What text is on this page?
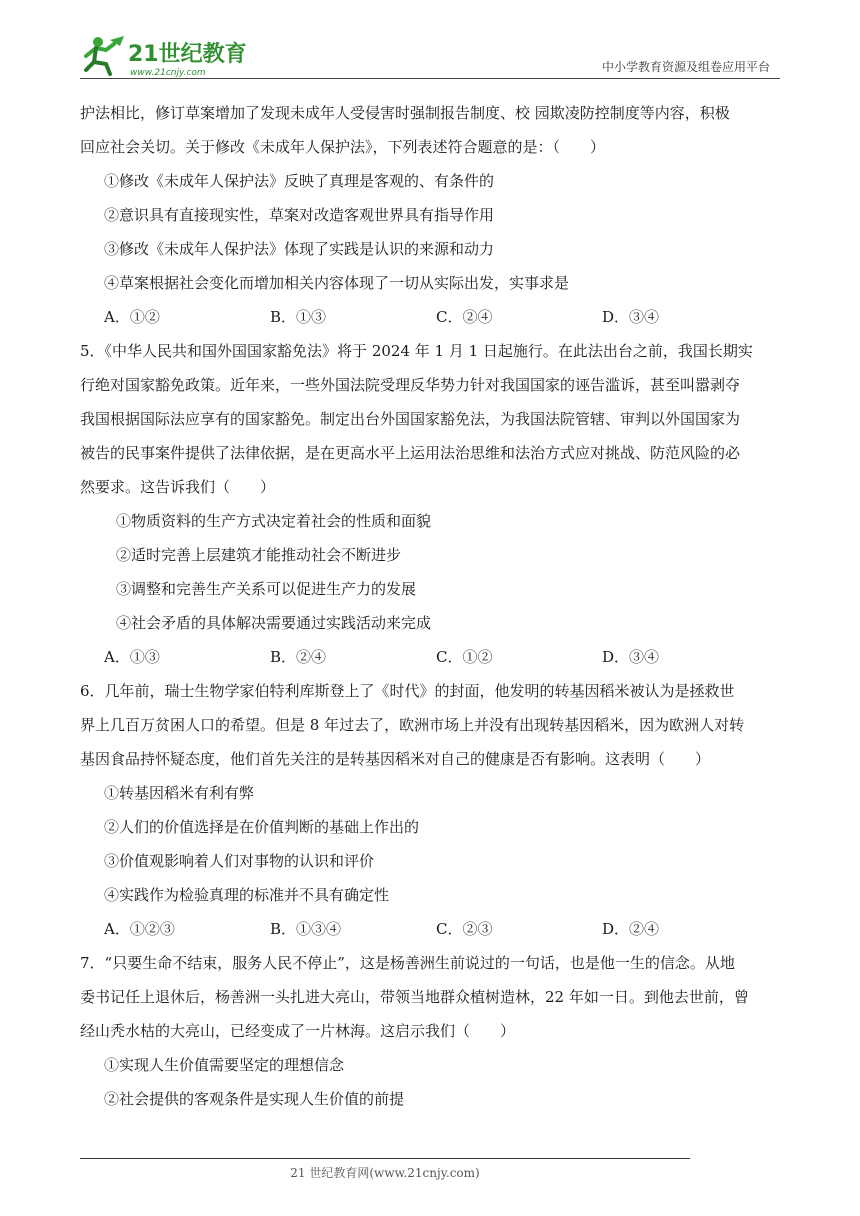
21世纪教育
www.21cnjy.com	中小学教育资源及组卷应用平台
护法相比，修订草案增加了发现未成年人受侵害时强制报告制度、校 园欺凌防控制度等内容，积极
回应社会关切。关于修改《未成年人保护法》，下列表述符合题意的是：（　　）
①修改《未成年人保护法》反映了真理是客观的、有条件的
②意识具有直接现实性，草案对改造客观世界具有指导作用
③修改《未成年人保护法》体现了实践是认识的来源和动力
④草案根据社会变化而增加相关内容体现了一切从实际出发，实事求是
A．①②	B．①③	C．②④	D．③④
5．《中华人民共和国外国国家豁免法》将于 2024 年 1 月 1 日起施行。在此法出台之前，我国长期实
行绝对国家豁免政策。近年来，一些外国法院受理反华势力针对我国国家的诬告滥诉，甚至叫嚣剥夺
我国根据国际法应享有的国家豁免。制定出台外国国家豁免法，为我国法院管辖、审判以外国国家为
被告的民事案件提供了法律依据，是在更高水平上运用法治思维和法治方式应对挑战、防范风险的必
然要求。这告诉我们（　　）
①物质资料的生产方式决定着社会的性质和面貌
②适时完善上层建筑才能推动社会不断进步
③调整和完善生产关系可以促进生产力的发展
④社会矛盾的具体解决需要通过实践活动来完成
A．①③	B．②④	C．①②	D．③④
6．几年前，瑞士生物学家伯特利库斯登上了《时代》的封面，他发明的转基因稻米被认为是拯救世
界上几百万贫困人口的希望。但是 8 年过去了，欧洲市场上并没有出现转基因稻米，因为欧洲人对转
基因食品持怀疑态度，他们首先关注的是转基因稻米对自己的健康是否有影响。这表明（　　）
①转基因稻米有利有弊
②人们的价值选择是在价值判断的基础上作出的
③价值观影响着人们对事物的认识和评价
④实践作为检验真理的标准并不具有确定性
A．①②③	B．①③④	C．②③	D．②④
7．“只要生命不结束，服务人民不停止”，这是杨善洲生前说过的一句话，也是他一生的信念。从地
委书记任上退休后，杨善洲一头扎进大亮山，带领当地群众植树造林，22 年如一日。到他去世前，曾
经山秃水枯的大亮山，已经变成了一片林海。这启示我们（　　）
①实现人生价值需要坚定的理想信念
②社会提供的客观条件是实现人生价值的前提
21 世纪教育网(www.21cnjy.com)
